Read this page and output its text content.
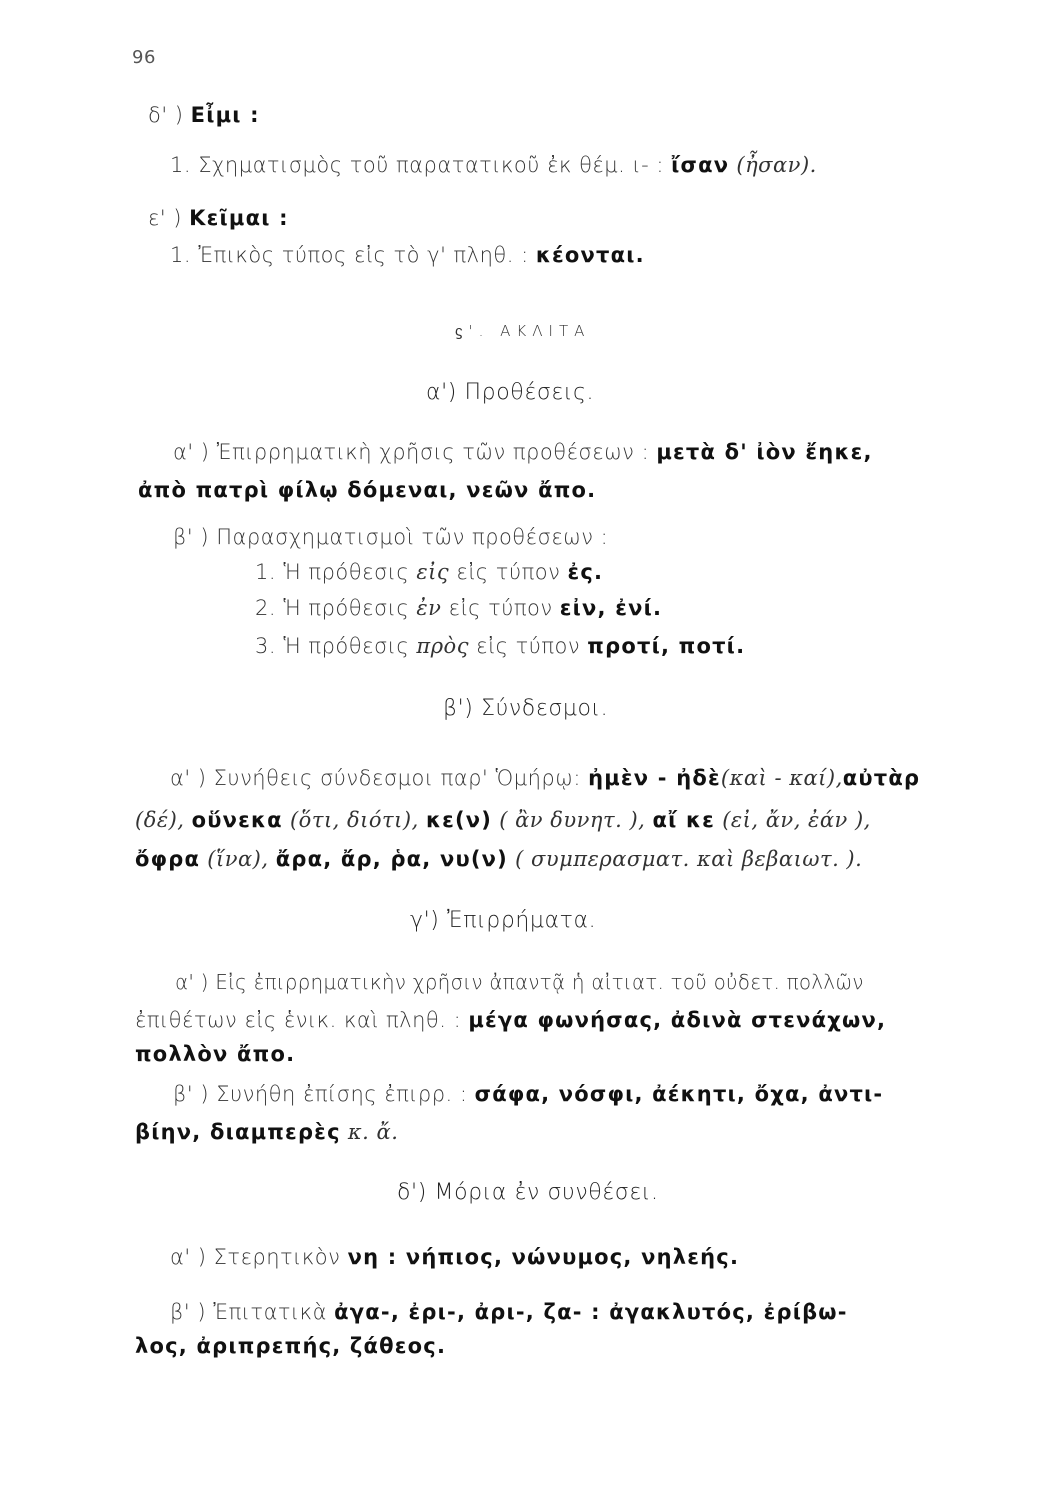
96
δ' ) Εἶμι :
1. Σχηματισμὸς τοῦ παρατατικοῦ ἐκ θέμ. ι- : ἴσαν (ἦσαν).
ε' ) Κεῖμαι :
1. Ἐπικὸς τύπος εἰς τὸ γ' πληθ. : κέονται.
ϛ'. ΑΚΛΙΤΑ
α') Προθέσεις.
α' ) Ἐπιρρηματικὴ χρῆσις τῶν προθέσεων : μετὰ δ' ἰὸν ἔηκε,
ἀπὸ πατρὶ φίλῳ δόμεναι, νεῶν ἄπο.
β' ) Παρασχηματισμοὶ τῶν προθέσεων :
1. Ἡ πρόθεσις εἰς εἰς τύπον ἐς.
2. Ἡ πρόθεσις ἐν εἰς τύπον εἰν, ἐνί.
3. Ἡ πρόθεσις πρὸς εἰς τύπον προτί, ποτί.
β') Σύνδεσμοι.
α' ) Συνήθεις σύνδεσμοι παρ' Ὁμήρῳ: ἠμὲν - ἠδὲ(καὶ - καί),αὐτὰρ
(δέ), οὕνεκα (ὅτι, διότι), κε(ν) ( ἂν δυνητ. ), αἴ κε (εἰ, ἄν, ἐάν ),
ὄφρα (ἵνα), ἄρα, ἄρ, ῥα, νυ(ν) ( συμπερασματ. καὶ βεβαιωτ. ).
γ') Ἐπιρρήματα.
α' ) Εἰς ἐπιρρηματικὴν χρῆσιν ἀπαντᾷ ἡ αἰτιατ. τοῦ οὐδετ. πολλῶν
ἐπιθέτων εἰς ἑνικ. καὶ πληθ. : μέγα φωνήσας, ἀδινὰ στενάχων,
πολλὸν ἄπο.
β' ) Συνήθη ἐπίσης ἐπιρρ. : σάφα, νόσφι, ἀέκητι, ὄχα, ἀντι-
βίην, διαμπερὲς κ. ἄ.
δ') Μόρια ἐν συνθέσει.
α' ) Στερητικὸν νη : νήπιος, νώνυμος, νηλεής.
β' ) Ἐπιτατικὰ ἀγα-, ἐρι-, ἀρι-, ζα- : ἀγακλυτός, ἐρίβω-
λος, ἀριπρεπής, ζάθεος.
